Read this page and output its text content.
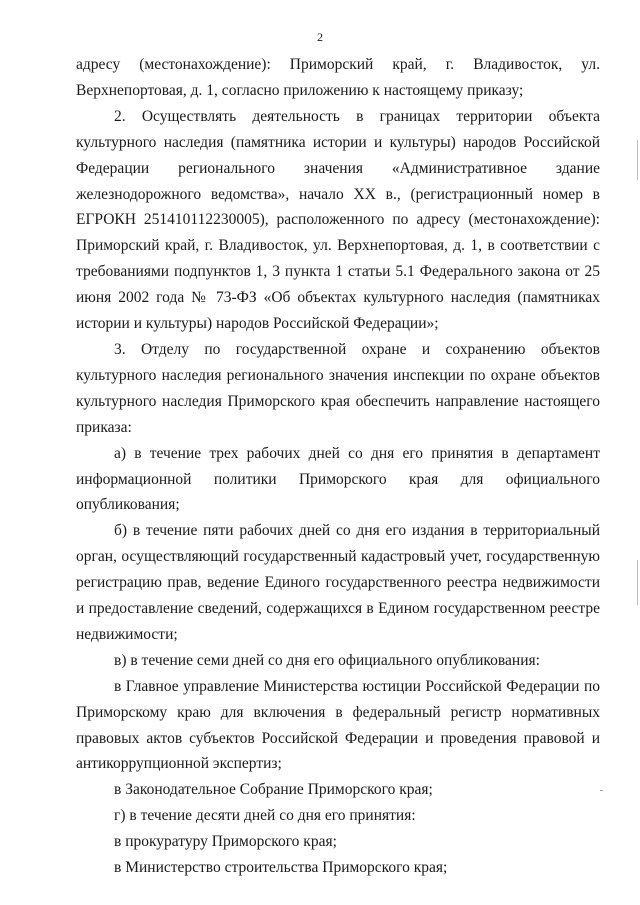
2

адресу (местонахождение): Приморский край, г. Владивосток, ул. Верхнепортовая, д. 1, согласно приложению к настоящему приказу;

2. Осуществлять деятельность в границах территории объекта культурного наследия (памятника истории и культуры) народов Российской Федерации регионального значения «Административное здание железнодорожного ведомства», начало XX в., (регистрационный номер в ЕГРОКН 251410112230005), расположенного по адресу (местонахождение): Приморский край, г. Владивосток, ул. Верхнепортовая, д. 1, в соответствии с требованиями подпунктов 1, 3 пункта 1 статьи 5.1 Федерального закона от 25 июня 2002 года № 73-ФЗ «Об объектах культурного наследия (памятниках истории и культуры) народов Российской Федерации»;

3. Отделу по государственной охране и сохранению объектов культурного наследия регионального значения инспекции по охране объектов культурного наследия Приморского края обеспечить направление настоящего приказа:

а) в течение трех рабочих дней со дня его принятия в департамент информационной политики Приморского края для официального опубликования;

б) в течение пяти рабочих дней со дня его издания в территориальный орган, осуществляющий государственный кадастровый учет, государственную регистрацию прав, ведение Единого государственного реестра недвижимости и предоставление сведений, содержащихся в Едином государственном реестре недвижимости;

в) в течение семи дней со дня его официального опубликования:

в Главное управление Министерства юстиции Российской Федерации по Приморскому краю для включения в федеральный регистр нормативных правовых актов субъектов Российской Федерации и проведения правовой и антикоррупционной экспертиз;

в Законодательное Собрание Приморского края;

г) в течение десяти дней со дня его принятия:

в прокуратуру Приморского края;

в Министерство строительства Приморского края;
